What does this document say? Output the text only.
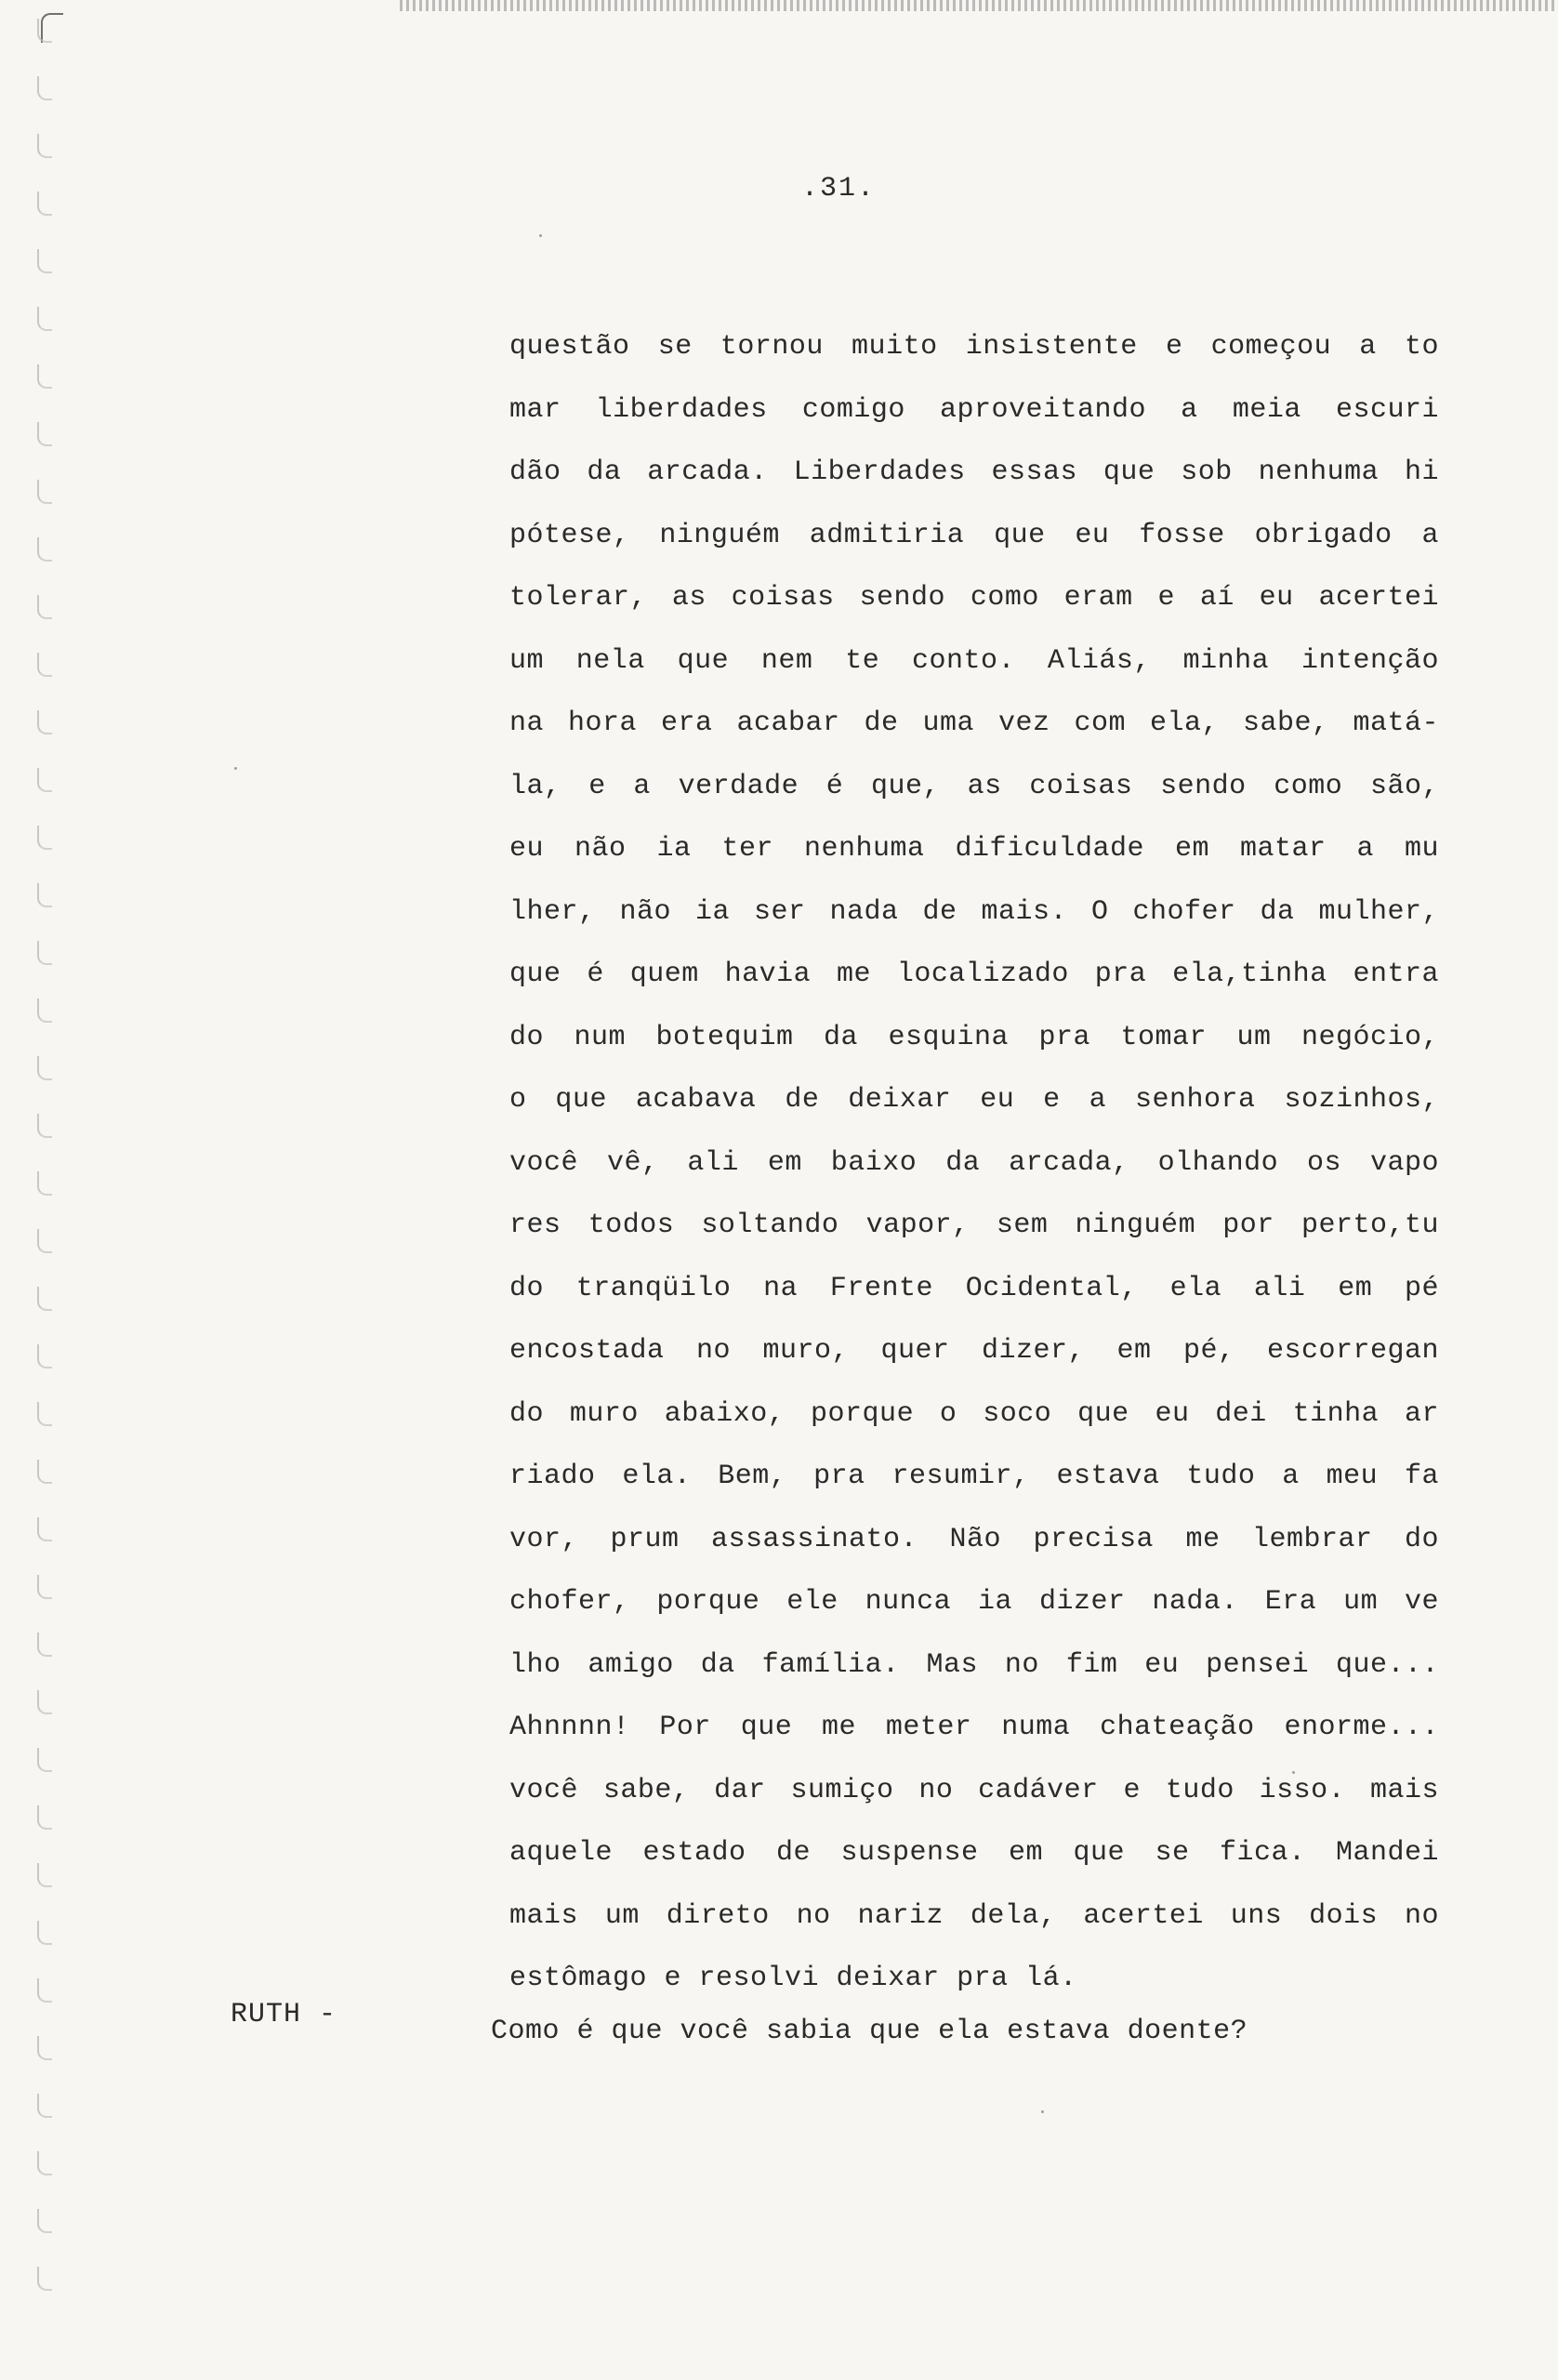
.31.
questão se tornou muito insistente e começou a to
mar liberdades comigo aproveitando a meia escuri
dão da arcada. Liberdades essas que sob nenhuma hi
pótese, ninguém admitiria que eu fosse obrigado a
tolerar, as coisas sendo como eram e aí eu acertei
um nela que nem te conto. Aliás, minha intenção
na hora era acabar de uma vez com ela, sabe, matá-
la, e a verdade é que, as coisas sendo como são,
eu não ia ter nenhuma dificuldade em matar a mu
lher, não ia ser nada de mais. O chofer da mulher,
que é quem havia me localizado pra ela,tinha entra
do num botequim da esquina pra tomar um negócio,
o que acabava de deixar eu e a senhora sozinhos,
você vê, ali em baixo da arcada, olhando os vapo
res todos soltando vapor, sem ninguém por perto,tu
do tranqüilo na Frente Ocidental, ela ali em pé
encostada no muro, quer dizer, em pé, escorregan
do muro abaixo, porque o soco que eu dei tinha ar
riado ela. Bem, pra resumir, estava tudo a meu fa
vor, prum assassinato. Não precisa me lembrar do
chofer, porque ele nunca ia dizer nada. Era um ve
lho amigo da família. Mas no fim eu pensei que...
Ahnnnn! Por que me meter numa chateação enorme...
você sabe, dar sumiço no cadáver e tudo isso. mais
aquele estado de suspense em que se fica. Mandei
mais um direto no nariz dela, acertei uns dois no
estômago e resolvi deixar pra lá.
RUTH -
Como é que você sabia que ela estava doente?
